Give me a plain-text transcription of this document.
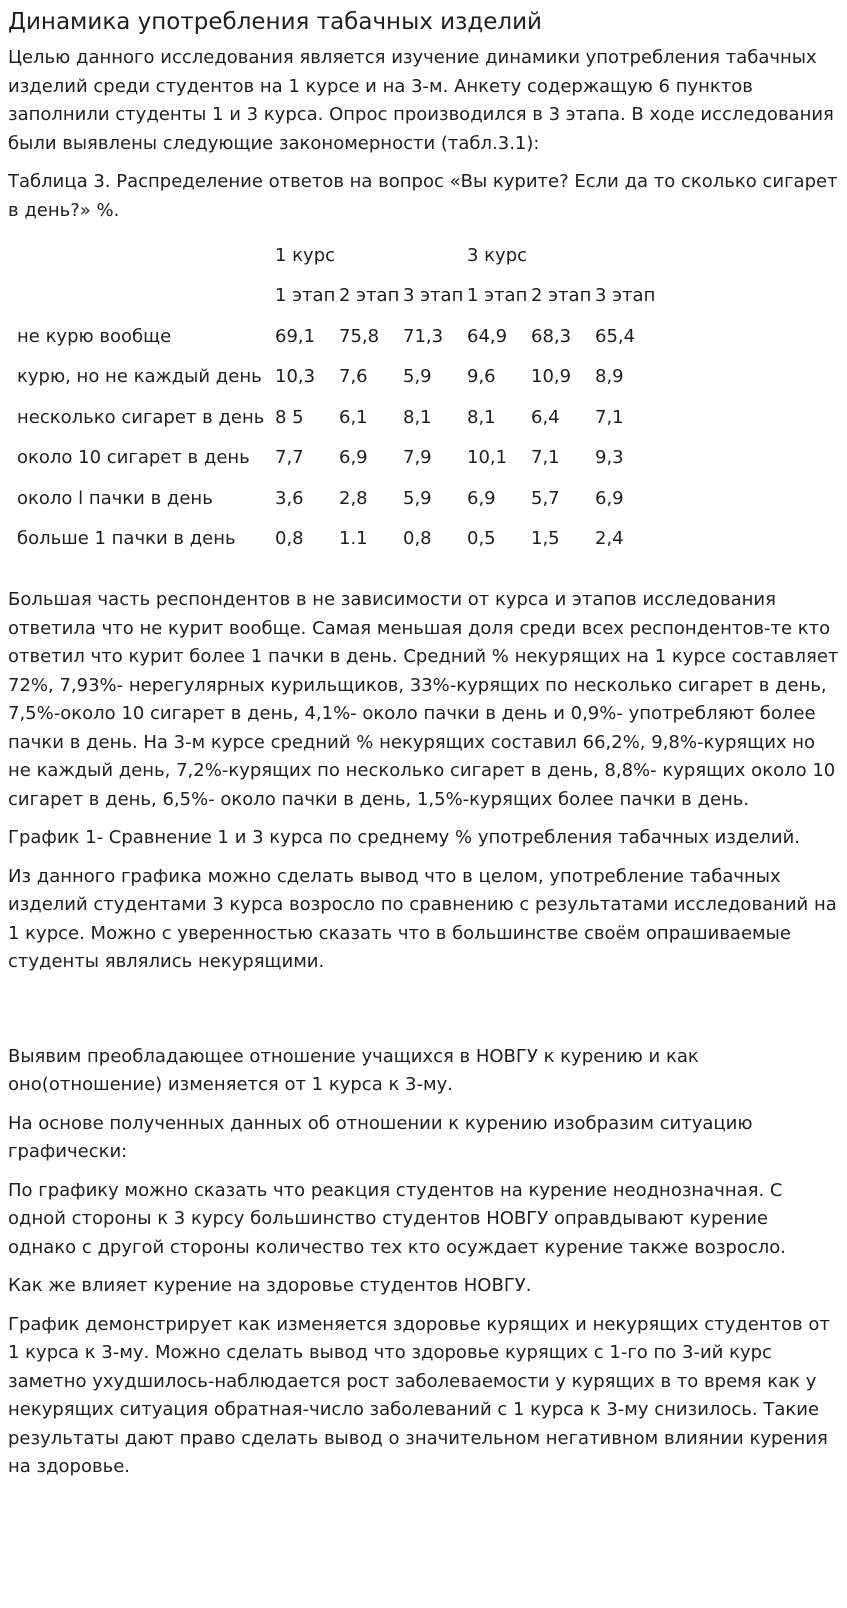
Динамика употребления табачных изделий

Целью данного исследования является изучение динамики употребления табачных изделий среди студентов на 1 курсе и на 3-м. Анкету содержащую 6 пунктов заполнили студенты 1 и 3 курса. Опрос производился в 3 этапа. В ходе исследования были выявлены следующие закономерности (табл.3.1):

Таблица 3. Распределение ответов на вопрос «Вы курите? Если да то сколько сигарет в день?» %.

	1 курс			3 курс		
	1 этап	2 этап	3 этап	1 этап	2 этап	3 этап
не курю вообще	69,1	75,8	71,3	64,9	68,3	65,4
курю, но не каждый день	10,3	7,6	5,9	9,6	10,9	8,9
несколько сигарет в день	8 5	6,1	8,1	8,1	6,4	7,1
около 10 сигарет в день	7,7	6,9	7,9	10,1	7,1	9,3
около l пачки в день	3,6	2,8	5,9	6,9	5,7	6,9
больше 1 пачки в день	0,8	1.1	0,8	0,5	1,5	2,4

Большая часть респондентов в не зависимости от курса и этапов исследования ответила что не курит вообще. Самая меньшая доля среди всех респондентов-те кто ответил что курит более 1 пачки в день. Средний % некурящих на 1 курсе составляет 72%, 7,93%- нерегулярных курильщиков, 33%-курящих по несколько сигарет в день, 7,5%-около 10 сигарет в день, 4,1%- около пачки в день и 0,9%- употребляют более пачки в день. На 3-м курсе средний % некурящих составил 66,2%, 9,8%-курящих но не каждый день, 7,2%-курящих по несколько сигарет в день, 8,8%- курящих около 10 сигарет в день, 6,5%- около пачки в день, 1,5%-курящих более пачки в день.

График 1- Сравнение 1 и 3 курса по среднему % употребления табачных изделий.

Из данного графика можно сделать вывод что в целом, употребление табачных изделий студентами 3 курса возросло по сравнению с результатами исследований на 1 курсе. Можно с уверенностью сказать что в большинстве своём опрашиваемые студенты являлись некурящими.

Выявим преобладающее отношение учащихся в НОВГУ к курению и как оно(отношение) изменяется от 1 курса к 3-му.

На основе полученных данных об отношении к курению изобразим ситуацию графически:

По графику можно сказать что реакция студентов на курение неоднозначная. С одной стороны к 3 курсу большинство студентов НОВГУ оправдывают курение однако с другой стороны количество тех кто осуждает курение также возросло.

Как же влияет курение на здоровье студентов НОВГУ.

График демонстрирует как изменяется здоровье курящих и некурящих студентов от 1 курса к 3-му. Можно сделать вывод что здоровье курящих с 1-го по 3-ий курс заметно ухудшилось-наблюдается рост заболеваемости у курящих в то время как у некурящих ситуация обратная-число заболеваний с 1 курса к 3-му снизилось. Такие результаты дают право сделать вывод о значительном негативном влиянии курения на здоровье.
